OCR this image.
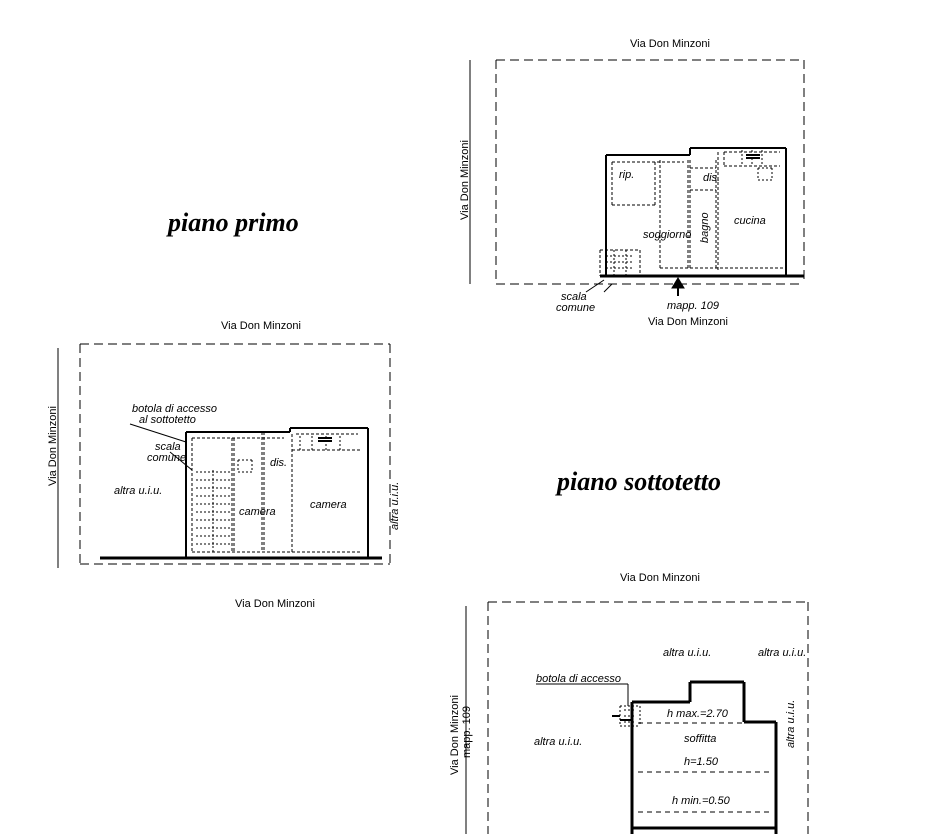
piano primo
piano sottotetto
Via Don Minzoni
Via Don Minzoni
Via Don Minzoni
rip.	dis.
cucina
soggiorno bagno
scala
comune	mapp. 109
Via Don Minzoni
Via Don Minzoni
Via Don Minzoni
camera
camera
dis.
botola di accesso
al sottotetto
scala
comune
altra u.i.u.	altra u.i.u.
Via Don Minzoni
Via Don Minzoni mapp. 109	soffitta
altra u.i.u.	altra u.i.u.
botola di accesso
altra u.i.u.	altra u.i.u.
h max.=2.70
h=1.50
h min.=0.50
